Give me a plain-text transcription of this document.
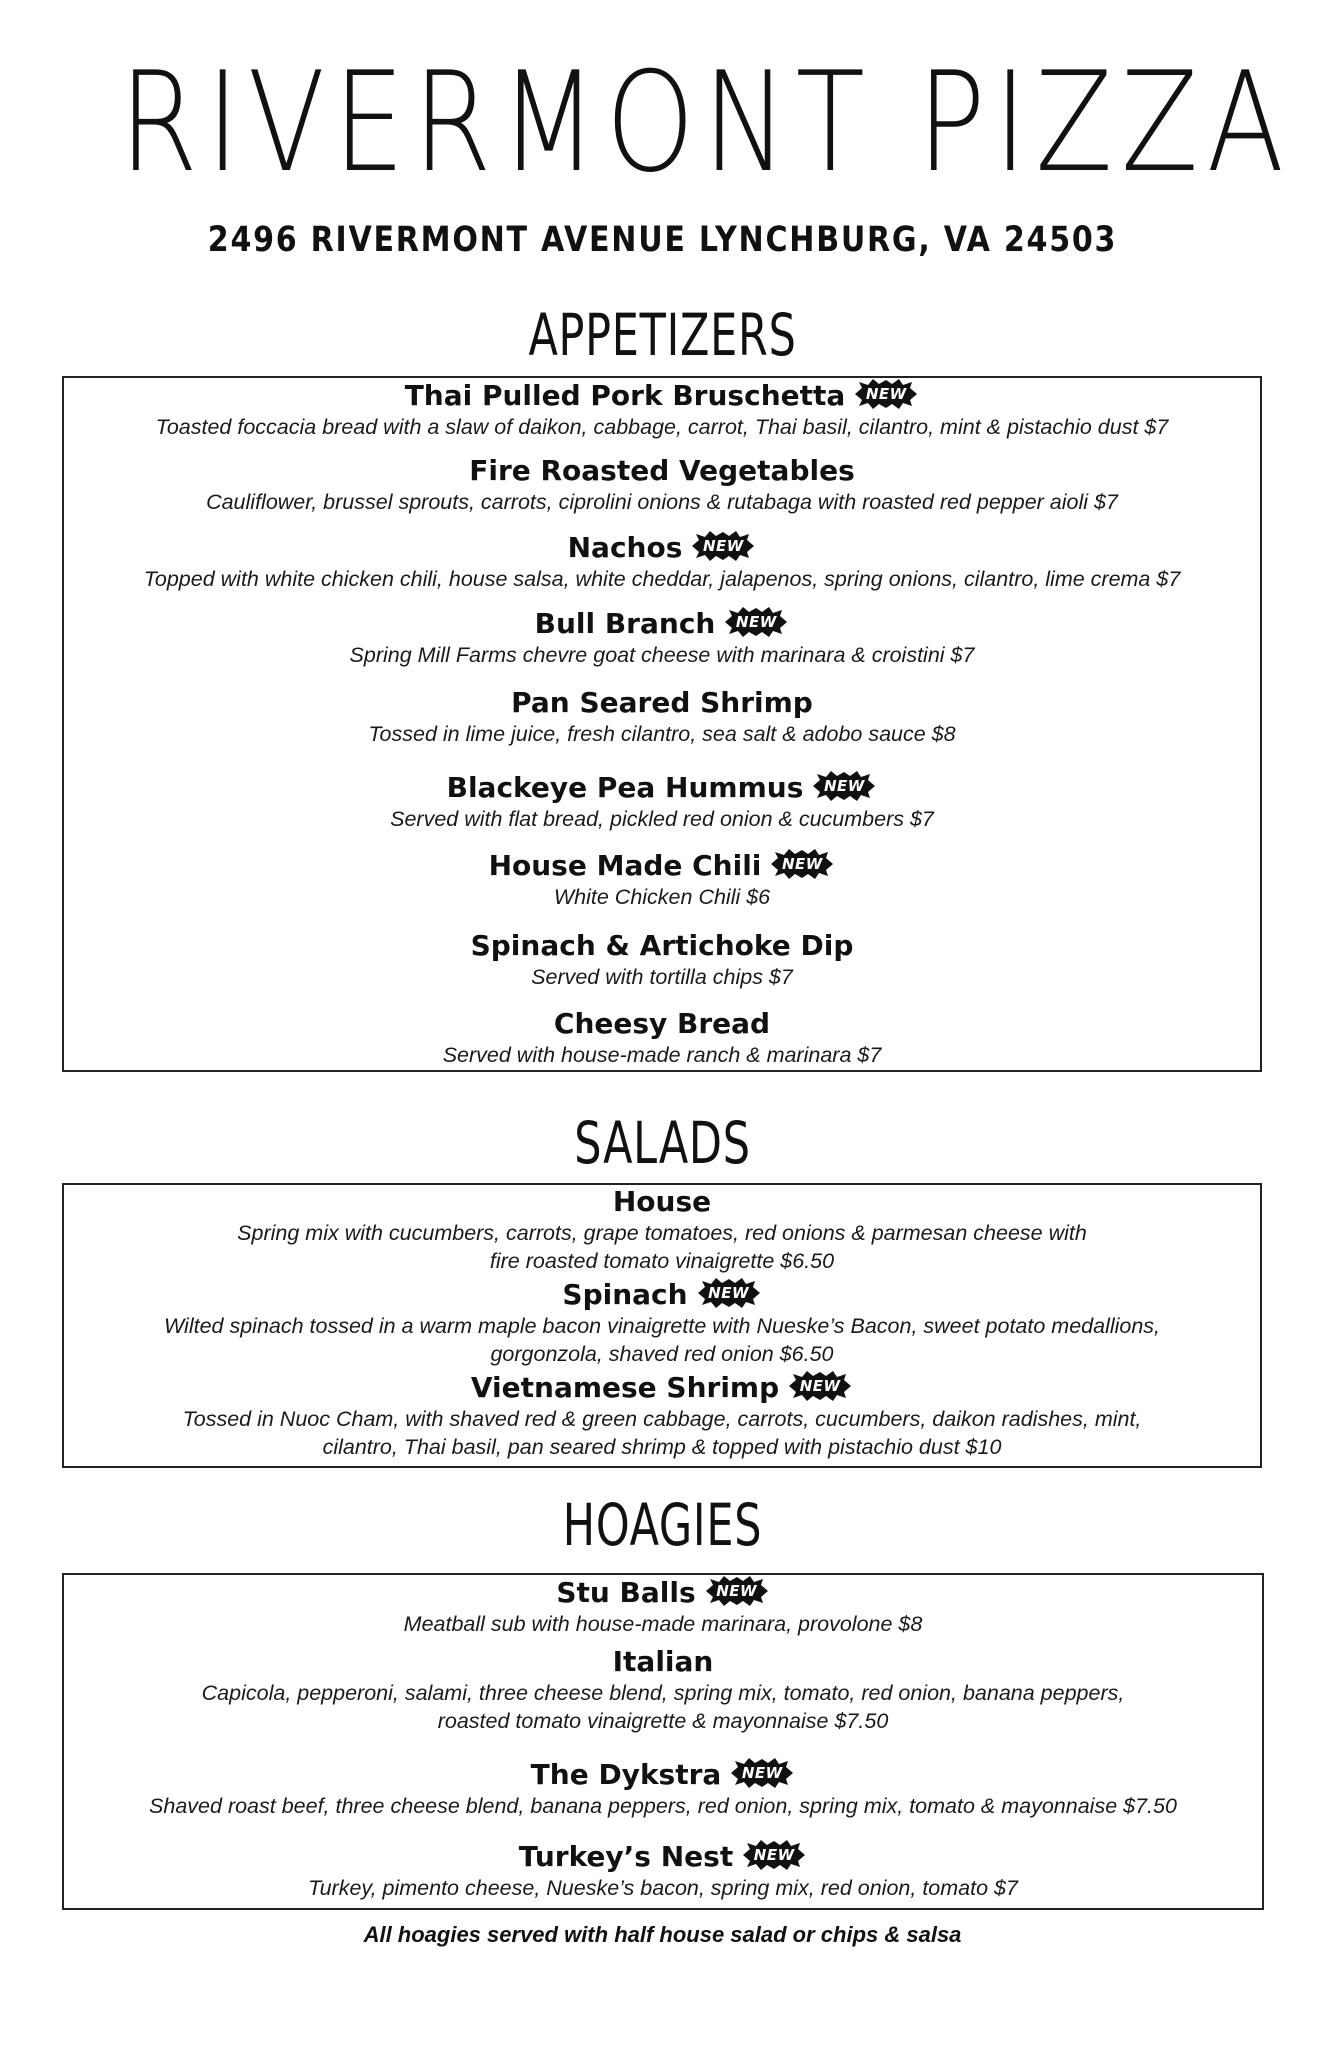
RIVERMONT PIZZA
2496 RIVERMONT AVENUE LYNCHBURG, VA 24503
APPETIZERS
Thai Pulled Pork Bruschetta	NEW
Toasted foccacia bread with a slaw of daikon, cabbage, carrot, Thai basil, cilantro, mint & pistachio dust $7
Fire Roasted Vegetables
Cauliflower, brussel sprouts, carrots, ciprolini onions & rutabaga with roasted red pepper aioli $7
Nachos	NEW
Topped with white chicken chili, house salsa, white cheddar, jalapenos, spring onions, cilantro, lime crema $7
Bull Branch	NEW
Spring Mill Farms chevre goat cheese with marinara & croistini $7
Pan Seared Shrimp
Tossed in lime juice, fresh cilantro, sea salt & adobo sauce $8
Blackeye Pea Hummus	NEW
Served with flat bread, pickled red onion & cucumbers $7
House Made Chili	NEW
White Chicken Chili $6
Spinach & Artichoke Dip
Served with tortilla chips $7
Cheesy Bread
Served with house-made ranch & marinara $7
SALADS
House
Spring mix with cucumbers, carrots, grape tomatoes, red onions & parmesan cheese with
fire roasted tomato vinaigrette $6.50
Spinach	NEW
Wilted spinach tossed in a warm maple bacon vinaigrette with Nueske’s Bacon, sweet potato medallions,
gorgonzola, shaved red onion $6.50
Vietnamese Shrimp	NEW
Tossed in Nuoc Cham, with shaved red & green cabbage, carrots, cucumbers, daikon radishes, mint,
cilantro, Thai basil, pan seared shrimp & topped with pistachio dust $10
HOAGIES
Stu Balls	NEW
Meatball sub with house-made marinara, provolone $8
Italian
Capicola, pepperoni, salami, three cheese blend, spring mix, tomato, red onion, banana peppers,
roasted tomato vinaigrette & mayonnaise $7.50
The Dykstra	NEW
Shaved roast beef, three cheese blend, banana peppers, red onion, spring mix, tomato & mayonnaise $7.50
Turkey’s Nest	NEW
Turkey, pimento cheese, Nueske’s bacon, spring mix, red onion, tomato $7
All hoagies served with half house salad or chips & salsa
